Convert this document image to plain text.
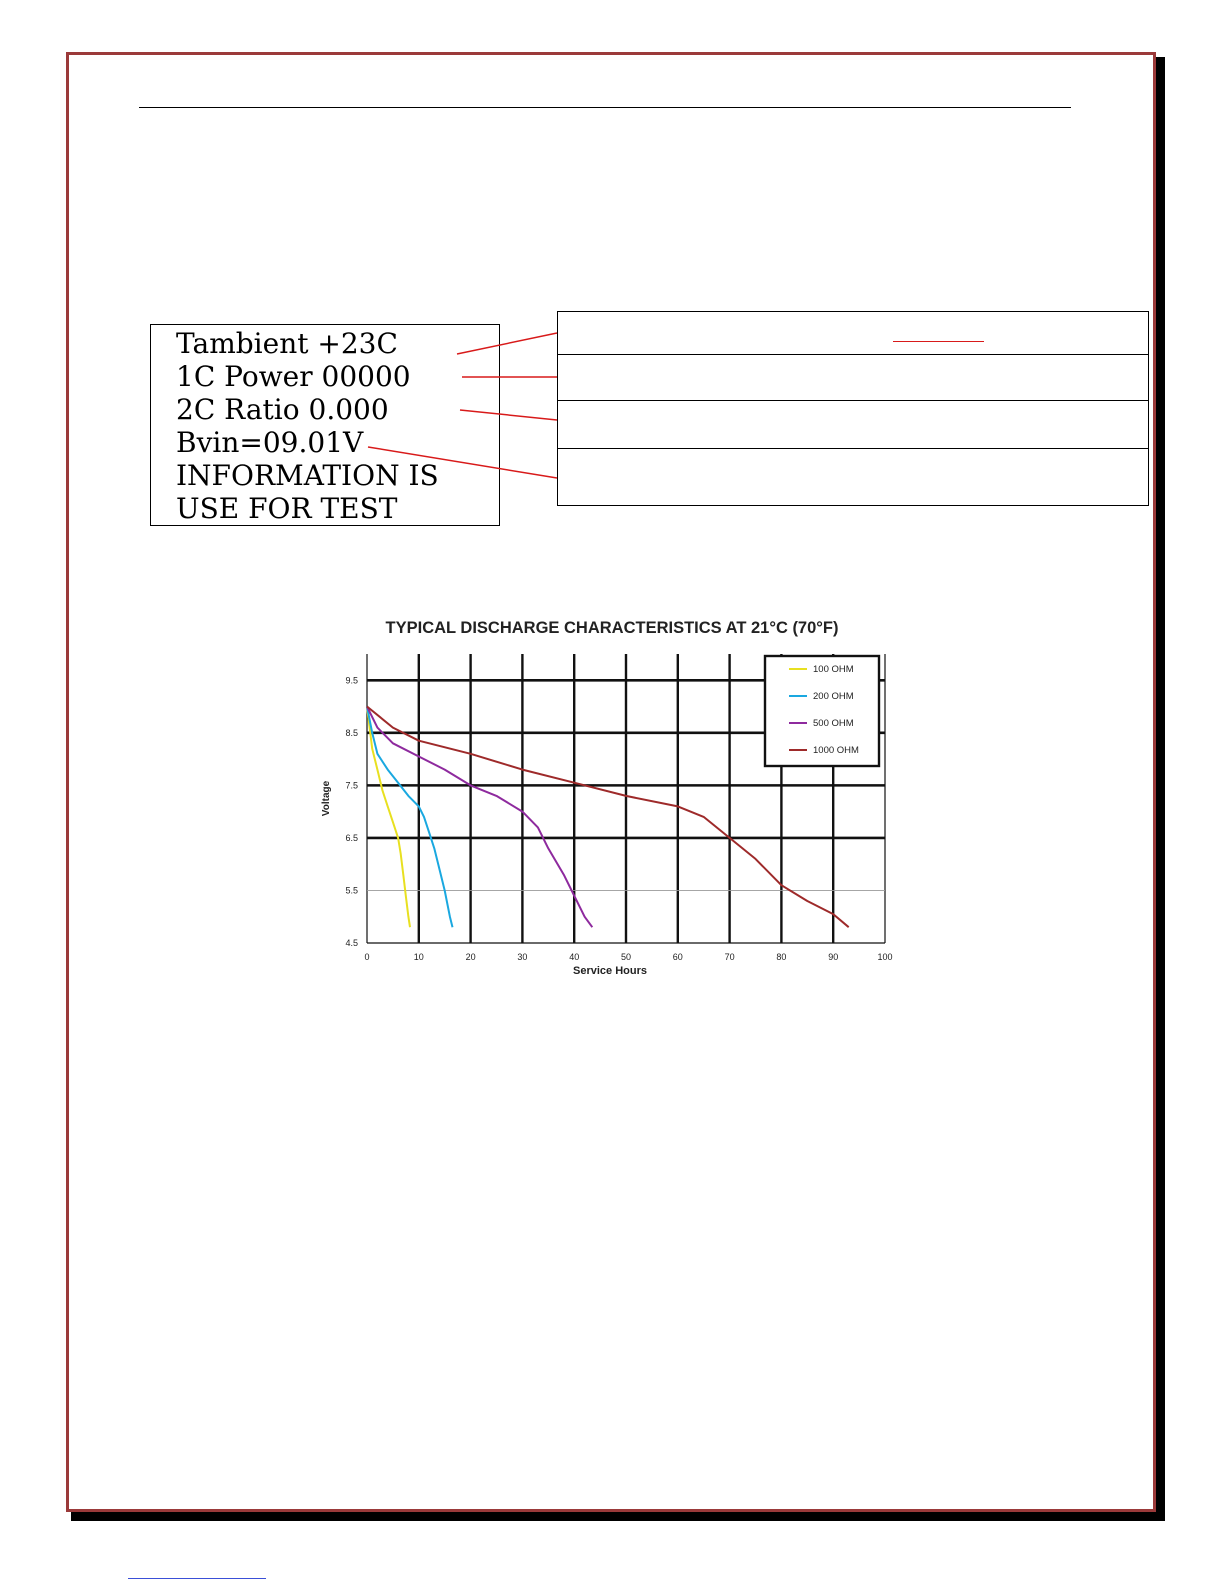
Tambient +23C

1C Power 00000

2C Ratio 0.000

Bvin=09.01V

INFORMATION IS

USE FOR TEST

TYPICAL DISCHARGE CHARACTERISTICS AT 21°C (70°F)
0	10	20	30	40	50	60	70	80	90	100
9.5
8.5
7.5
6.5
5.5
4.5
Service Hours
Voltage
100 OHM
200 OHM
500 OHM
1000 OHM
